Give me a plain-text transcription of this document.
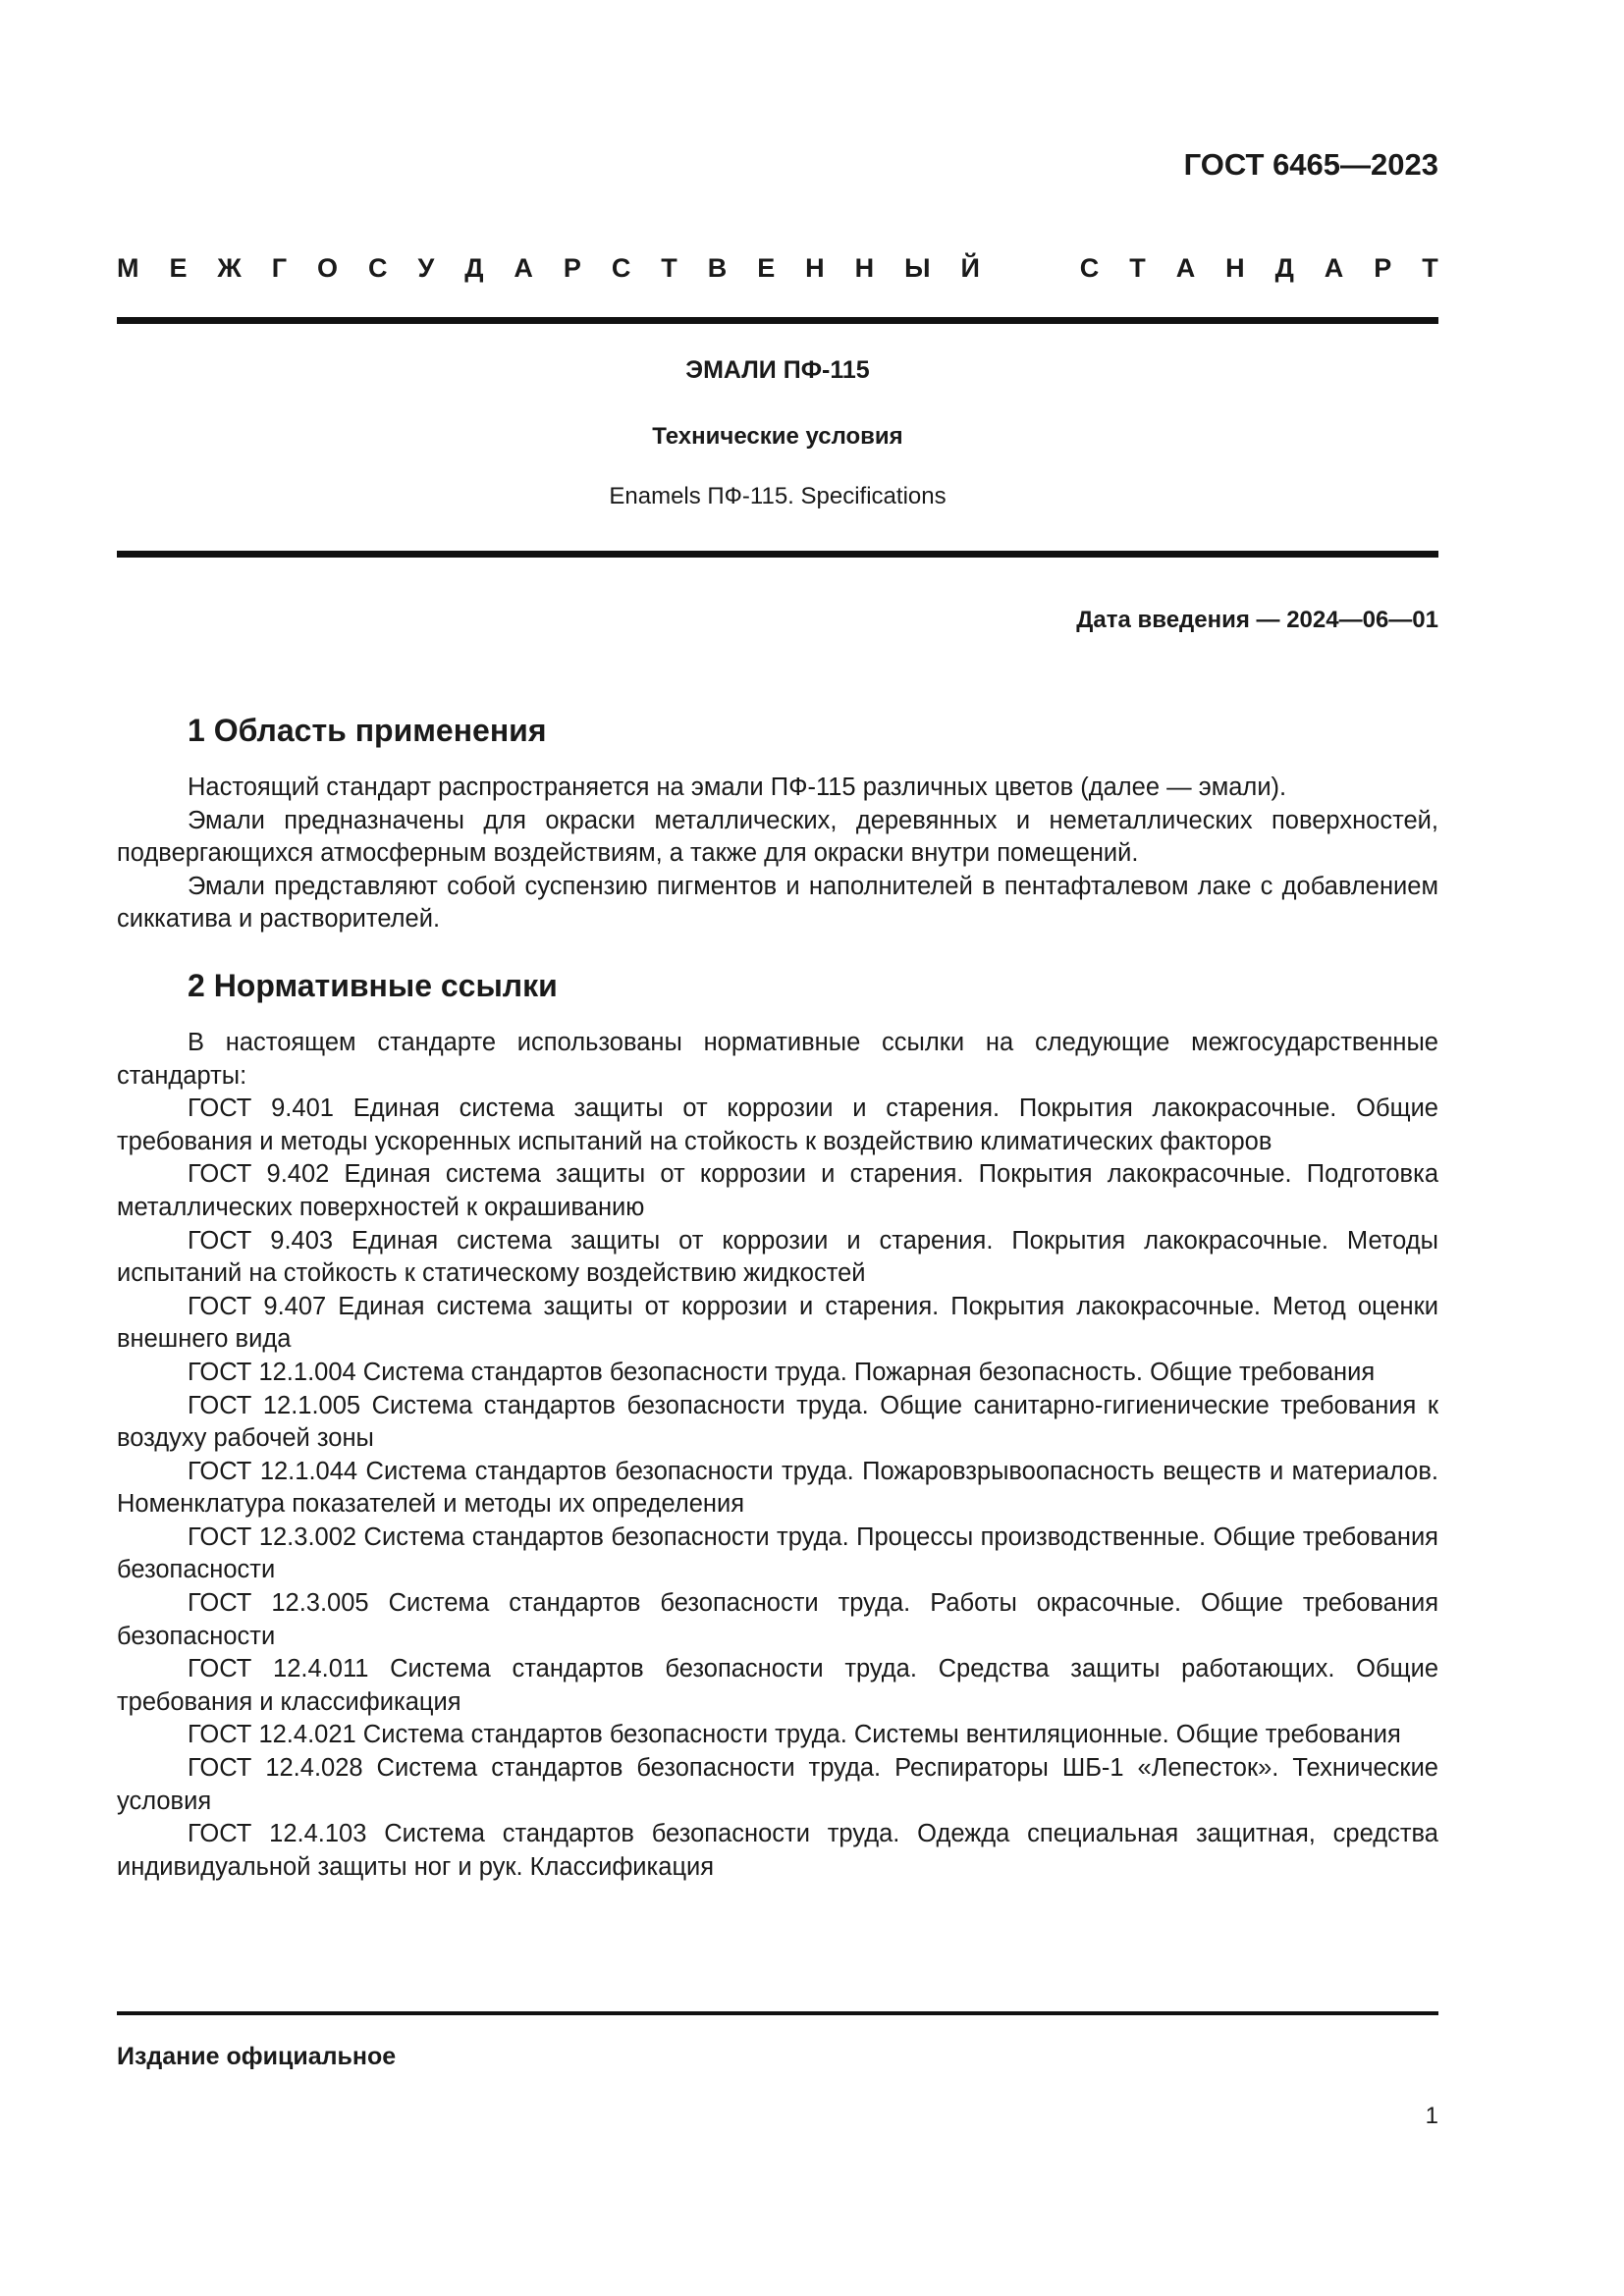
ГОСТ 6465—2023
М Е Ж Г О С У Д А Р С Т В Е Н Н Ы Й	С Т А Н Д А Р Т
ЭМАЛИ ПФ-115
Технические условия
Enamels ПФ-115. Specifications
Дата введения — 2024—06—01
1 Область применения

Настоящий стандарт распространяется на эмали ПФ-115 различных цветов (далее — эмали).

Эмали предназначены для окраски металлических, деревянных и неметаллических поверхностей, подвергающихся атмосферным воздействиям, а также для окраски внутри помещений.

Эмали представляют собой суспензию пигментов и наполнителей в пентафталевом лаке с добавлением сиккатива и растворителей.

2 Нормативные ссылки

В настоящем стандарте использованы нормативные ссылки на следующие межгосударственные стандарты:

ГОСТ 9.401 Единая система защиты от коррозии и старения. Покрытия лакокрасочные. Общие требования и методы ускоренных испытаний на стойкость к воздействию климатических факторов

ГОСТ 9.402 Единая система защиты от коррозии и старения. Покрытия лакокрасочные. Подготовка металлических поверхностей к окрашиванию

ГОСТ 9.403 Единая система защиты от коррозии и старения. Покрытия лакокрасочные. Методы испытаний на стойкость к статическому воздействию жидкостей

ГОСТ 9.407 Единая система защиты от коррозии и старения. Покрытия лакокрасочные. Метод оценки внешнего вида

ГОСТ 12.1.004 Система стандартов безопасности труда. Пожарная безопасность. Общие требования

ГОСТ 12.1.005 Система стандартов безопасности труда. Общие санитарно-гигиенические требования к воздуху рабочей зоны

ГОСТ 12.1.044 Система стандартов безопасности труда. Пожаровзрывоопасность веществ и материалов. Номенклатура показателей и методы их определения

ГОСТ 12.3.002 Система стандартов безопасности труда. Процессы производственные. Общие требования безопасности

ГОСТ 12.3.005 Система стандартов безопасности труда. Работы окрасочные. Общие требования безопасности

ГОСТ 12.4.011 Система стандартов безопасности труда. Средства защиты работающих. Общие требования и классификация

ГОСТ 12.4.021 Система стандартов безопасности труда. Системы вентиляционные. Общие требования

ГОСТ 12.4.028 Система стандартов безопасности труда. Респираторы ШБ-1 «Лепесток». Технические условия

ГОСТ 12.4.103 Система стандартов безопасности труда. Одежда специальная защитная, средства индивидуальной защиты ног и рук. Классификация

Издание официальное
1
